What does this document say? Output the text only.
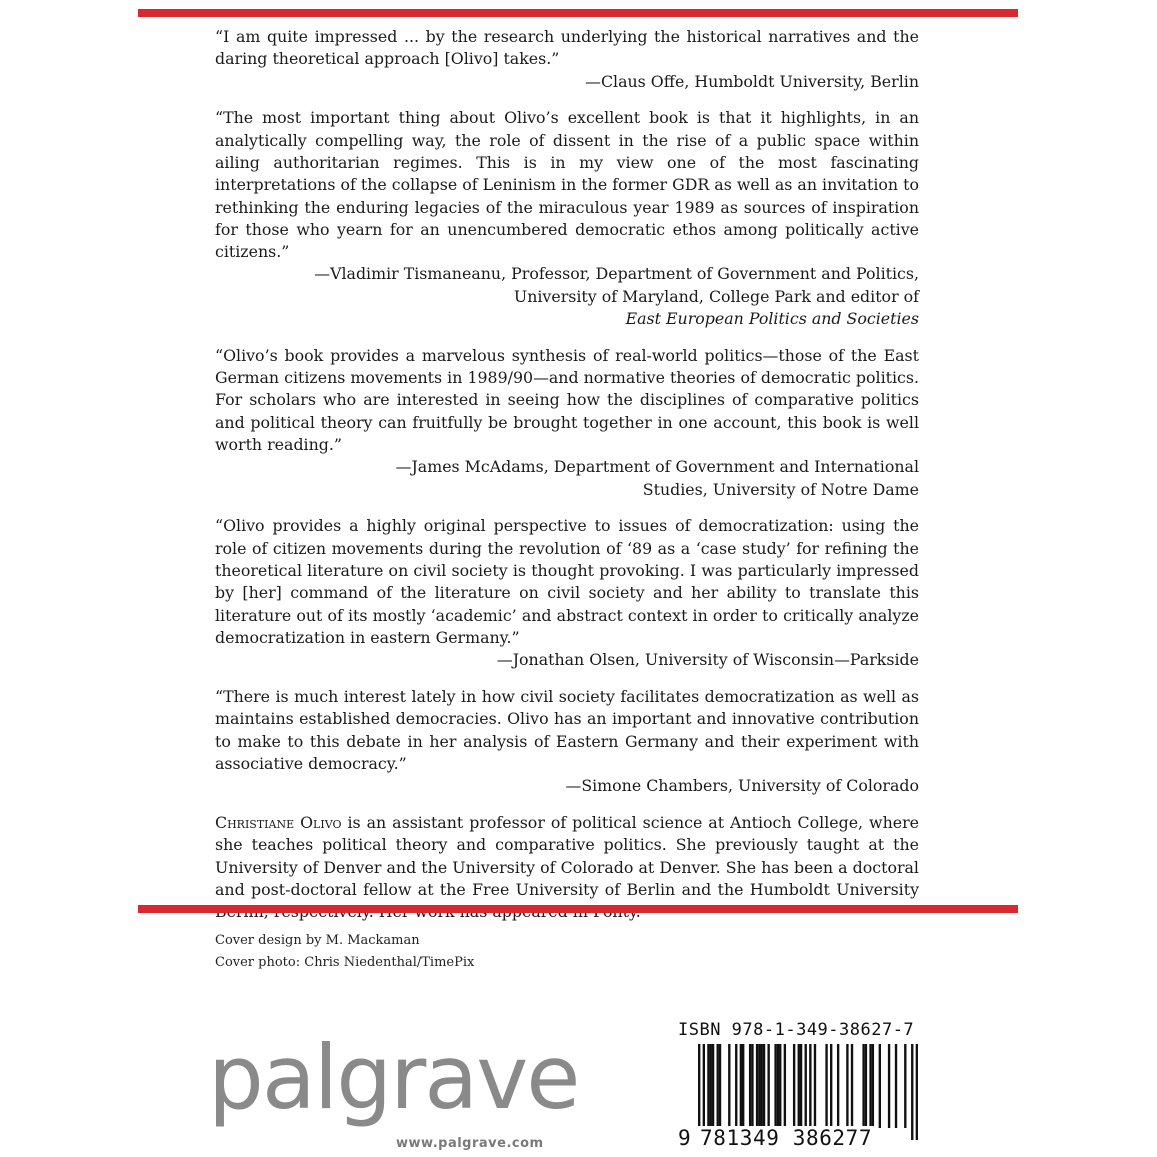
“I am quite impressed ... by the research underlying the historical narratives and the daring theoretical approach [Olivo] takes.”

—Claus Offe, Humboldt University, Berlin

“The most important thing about Olivo’s excellent book is that it highlights, in an analytically compelling way, the role of dissent in the rise of a public space within ailing authoritarian regimes. This is in my view one of the most fascinating interpretations of the collapse of Leninism in the former GDR as well as an invitation to rethinking the enduring legacies of the miraculous year 1989 as sources of inspiration for those who yearn for an unencumbered democratic ethos among politically active citizens.”

—Vladimir Tismaneanu, Professor, Department of Government and Politics,
University of Maryland, College Park and editor of
East European Politics and Societies

“Olivo’s book provides a marvelous synthesis of real-world politics—those of the East German citizens movements in 1989/90—and normative theories of democratic politics. For scholars who are interested in seeing how the disciplines of comparative politics and political theory can fruitfully be brought together in one account, this book is well worth reading.”

—James McAdams, Department of Government and International
Studies, University of Notre Dame

“Olivo provides a highly original perspective to issues of democratization: using the role of citizen movements during the revolution of ‘89 as a ‘case study’ for refining the theoretical literature on civil society is thought provoking. I was particularly impressed by [her] command of the literature on civil society and her ability to translate this literature out of its mostly ‘academic’ and abstract context in order to critically analyze democratization in eastern Germany.”

—Jonathan Olsen, University of Wisconsin—Parkside

“There is much interest lately in how civil society facilitates democratization as well as maintains established democracies. Olivo has an important and innovative contribution to make to this debate in her analysis of Eastern Germany and their experiment with associative democracy.”

—Simone Chambers, University of Colorado

Christiane Olivo is an assistant professor of political science at Antioch College, where she teaches political theory and comparative politics. She previously taught at the University of Denver and the University of Colorado at Denver. She has been a doctoral and post-doctoral fellow at the Free University of Berlin and the Humboldt University

Cover design by M. Mackaman
Cover photo: Chris Niedenthal/TimePix
palgrave
www.palgrave.com
ISBN 978-1-349-38627-7
9 781349 386277
